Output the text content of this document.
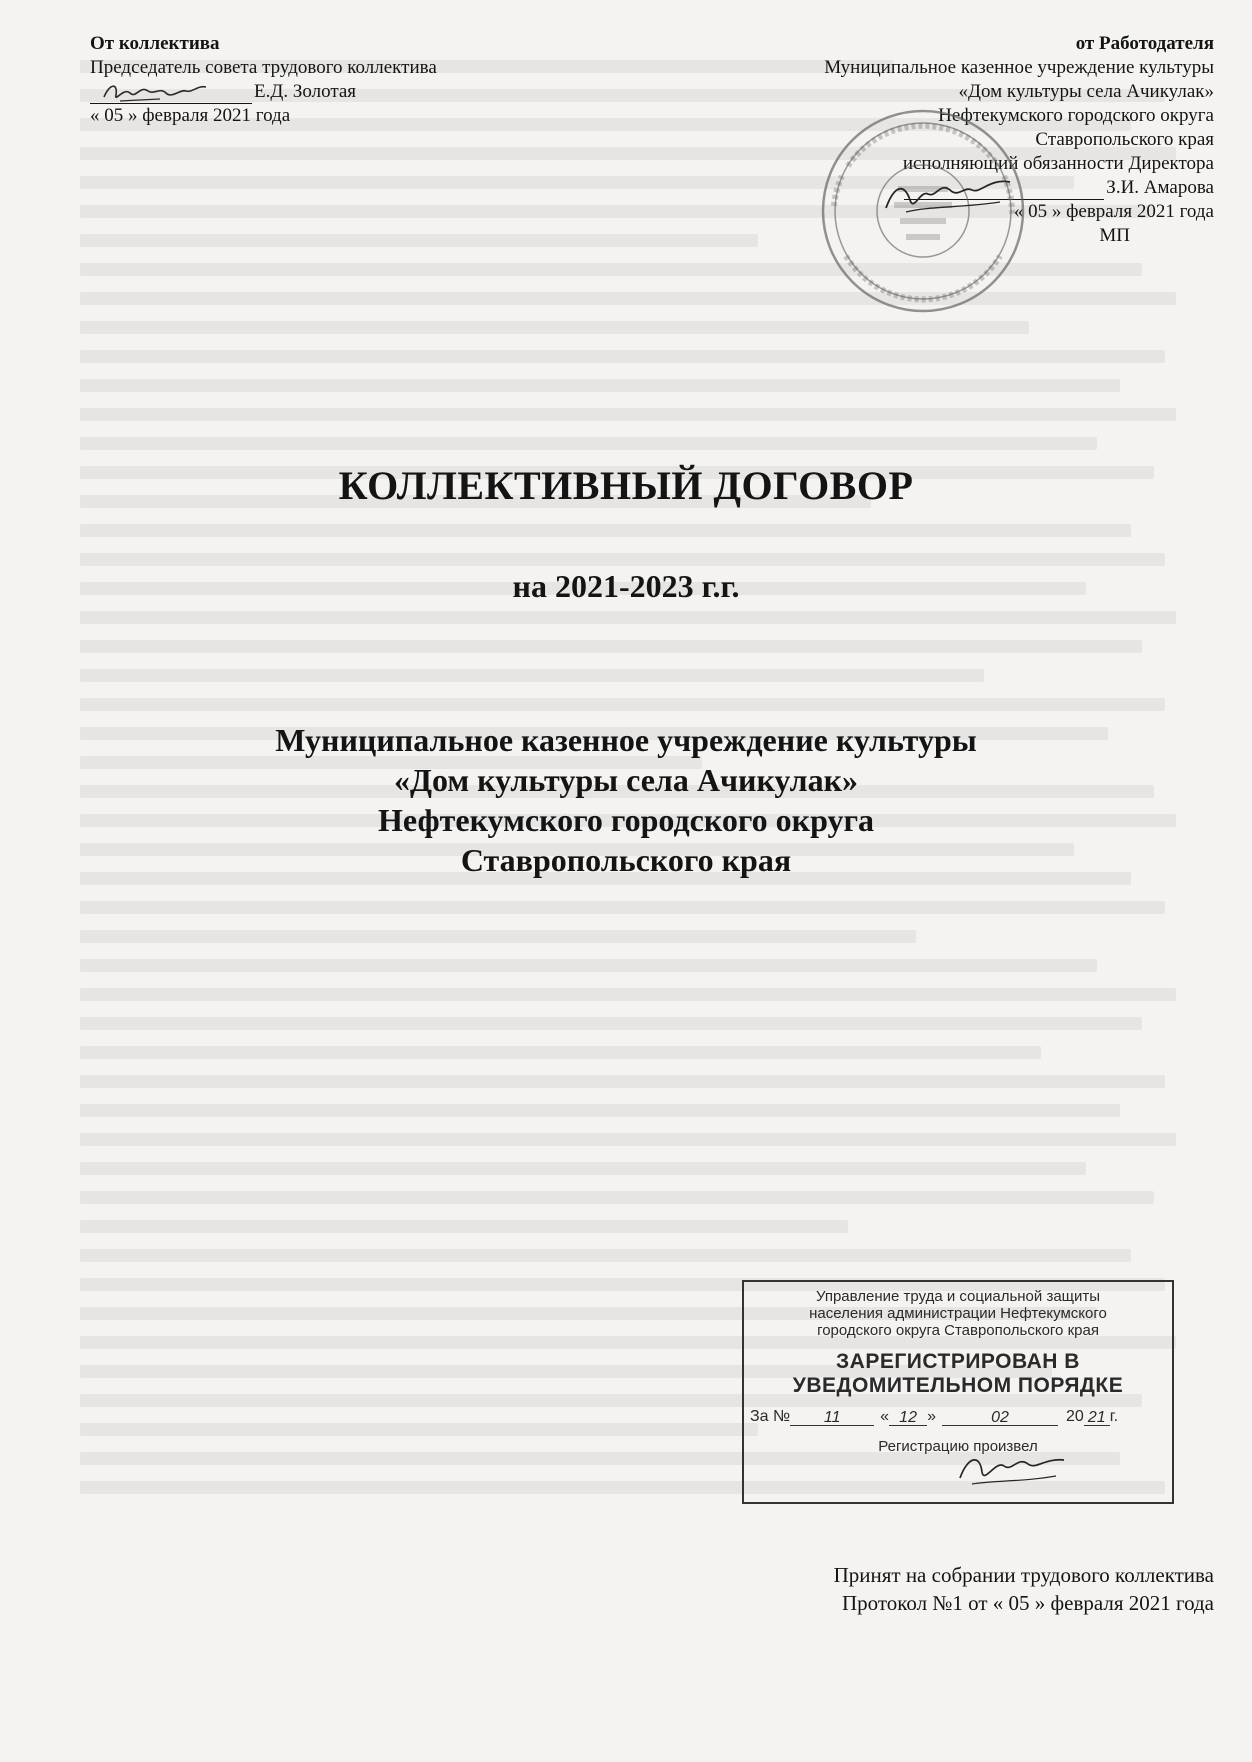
От коллектива
Председатель совета трудового коллектива
Е.Д. Золотая
« 05 » февраля 2021 года
от Работодателя
Муниципальное казенное учреждение культуры
«Дом культуры села Ачикулак»
Нефтекумского городского округа
Ставропольского края
исполняющий обязанности Директора
З.И. Амарова
« 05 » февраля 2021 года
МП
КОЛЛЕКТИВНЫЙ ДОГОВОР
на 2021-2023 г.г.
Муниципальное казенное учреждение культуры
«Дом культуры села Ачикулак»
Нефтекумского городского округа
Ставропольского края
Управление труда и социальной защиты
населения администрации Нефтекумского
городского округа Ставропольского края
ЗАРЕГИСТРИРОВАН В
УВЕДОМИТЕЛЬНОМ ПОРЯДКЕ
За №	11	« 12 »	02	20 21 г.
Регистрацию произвел
Принят на собрании трудового коллектива
Протокол №1 от « 05 » февраля 2021 года
